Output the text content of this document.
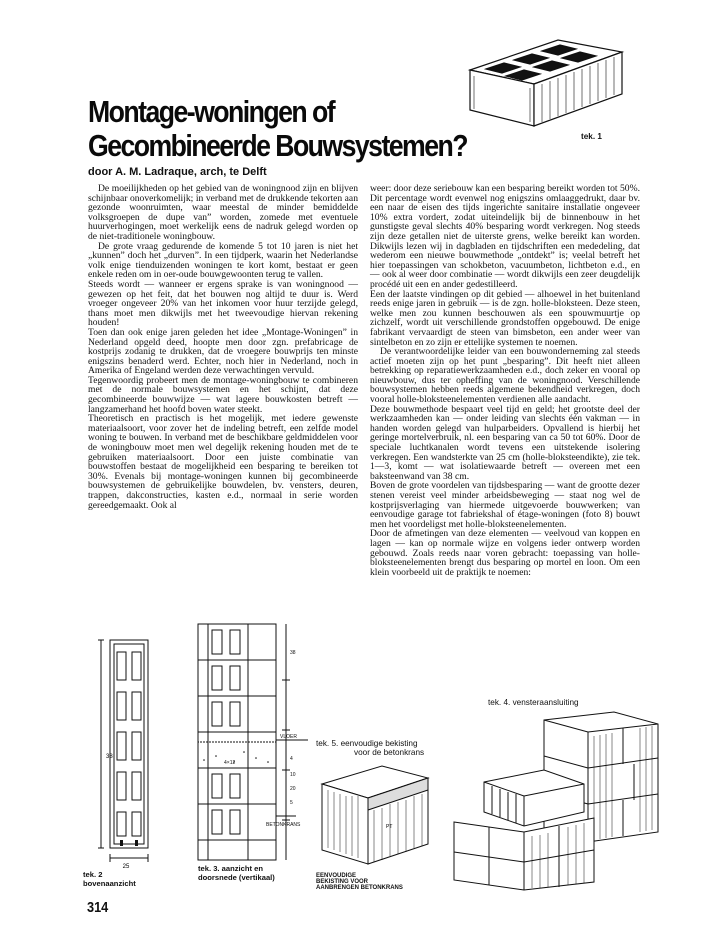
Montage-woningen of
Gecombineerde Bouwsystemen?
door A. M. Ladraque, arch, te Delft
tek. 1

De moeilijkheden op het gebied van de woningnood zijn en blijven schijnbaar onoverkomelijk; in verband met de drukkende tekorten aan gezonde woonruimten, waar meestal de minder bemiddelde volksgroepen de dupe van” worden, zomede met eventuele huurverhogingen, moet werkelijk eens de nadruk gelegd worden op de niet-traditionele woningbouw.

De grote vraag gedurende de komende 5 tot 10 jaren is niet het „kunnen” doch het „durven”. In een tijdperk, waarin het Nederlandse volk enige tienduizenden woningen te kort komt, bestaat er geen enkele reden om in oer-oude bouwgewoonten terug te vallen.

Steeds wordt — wanneer er ergens sprake is van woningnood — gewezen op het feit, dat het bouwen nog altijd te duur is. Werd vroeger ongeveer 20% van het inkomen voor huur terzijde gelegd, thans moet men dikwijls met het tweevoudige hiervan rekening houden!

Toen dan ook enige jaren geleden het idee „Montage-Woningen” in Nederland opgeld deed, hoopte men door zgn. prefabricage de kostprijs zodanig te drukken, dat de vroegere bouwprijs ten minste enigszins benaderd werd. Echter, noch hier in Nederland, noch in Amerika of Engeland werden deze verwachtingen vervuld.

Tegenwoordig probeert men de montage-woningbouw te combineren met de normale bouwsystemen en het schijnt, dat deze gecombineerde bouwwijze — wat lagere bouwkosten betreft — langzamerhand het hoofd boven water steekt.

Theoretisch en practisch is het mogelijk, met iedere gewenste materiaalsoort, voor zover het de indeling betreft, een zelfde model woning te bouwen. In verband met de beschikbare geldmiddelen voor de woningbouw moet men wel degelijk rekening houden met de te gebruiken materiaalsoort. Door een juiste combinatie van bouwstoffen bestaat de mogelijkheid een besparing te bereiken tot 30%. Evenals bij montage-woningen kunnen bij gecombineerde bouwsystemen de gebruikelijke bouwdelen, bv. vensters, deuren, trappen, dakconstructies, kasten e.d., normaal in serie worden gereedgemaakt. Ook al

weer: door deze seriebouw kan een besparing bereikt worden tot 50%. Dit percentage wordt evenwel nog enigszins omlaaggedrukt, daar bv. een naar de eisen des tijds ingerichte sanitaire installatie ongeveer 10% extra vordert, zodat uiteindelijk bij de binnenbouw in het gunstigste geval slechts 40% besparing wordt verkregen. Nog steeds zijn deze getallen niet de uiterste grens, welke bereikt kan worden. Dikwijls lezen wij in dagbladen en tijdschriften een mededeling, dat wederom een nieuwe bouwmethode „ontdekt” is; veelal betreft het hier toepassingen van schokbeton, vacuumbeton, lichtbeton e.d., en — ook al weer door combinatie — wordt dikwijls een zeer deugdelijk procédé uit een en ander gedestilleerd.

Een der laatste vindingen op dit gebied — alhoewel in het buitenland reeds enige jaren in gebruik — is de zgn. holle-bloksteen. Deze steen, welke men zou kunnen beschouwen als een spouwmuurtje op zichzelf, wordt uit verschillende grondstoffen opgebouwd. De enige fabrikant vervaardigt de steen van bimsbeton, een ander weer van sintelbeton en zo zijn er ettelijke systemen te noemen.

De verantwoordelijke leider van een bouwonderneming zal steeds actief moeten zijn op het punt „besparing”. Dit heeft niet alleen betrekking op reparatiewerkzaamheden e.d., doch zeker en vooral op nieuwbouw, dus ter opheffing van de woningnood. Verschillende bouwsystemen hebben reeds algemene bekendheid verkregen, doch vooral holle-bloksteenelementen verdienen alle aandacht.

Deze bouwmethode bespaart veel tijd en geld; het grootste deel der werkzaamheden kan — onder leiding van slechts één vakman — in handen worden gelegd van hulparbeiders. Opvallend is hierbij het geringe mortelverbruik, nl. een besparing van ca 50 tot 60%. Door de speciale luchtkanalen wordt tevens een uitstekende isolering verkregen. Een wandsterkte van 25 cm (holle-bloksteendikte), zie tek. 1—3, komt — wat isolatiewaarde betreft — overeen met een baksteenwand van 38 cm.

Boven de grote voordelen van tijdsbesparing — want de grootte dezer stenen vereist veel minder arbeidsbeweging — staat nog wel de kostprijsverlaging van hiermede uitgevoerde bouwwerken; van eenvoudige garage tot fabriekshal of étage-woningen (foto 8) bouwt men het voordeligst met holle-bloksteenelementen.

Door de afmetingen van deze elementen — veelvoud van koppen en lagen — kan op normale wijze en volgens ieder ontwerp worden gebouwd. Zoals reeds naar voren gebracht: toepassing van holle-bloksteenelementen brengt dus besparing op mortel en loon. Om een klein voorbeeld uit de praktijk te noemen:

25
38
tek. 2
bovenaanzicht
38
VLOER
4
10
20
5
4×12
BETONKRANS
tek. 3. aanzicht en
doorsnede (vertikaal)
tek. 5. eenvoudige bekisting
voor de betonkrans
PT
EENVOUDIGE
BEKISTING VOOR
AANBRENGEN BETONKRANS
tek. 4. vensteraansluiting
314
